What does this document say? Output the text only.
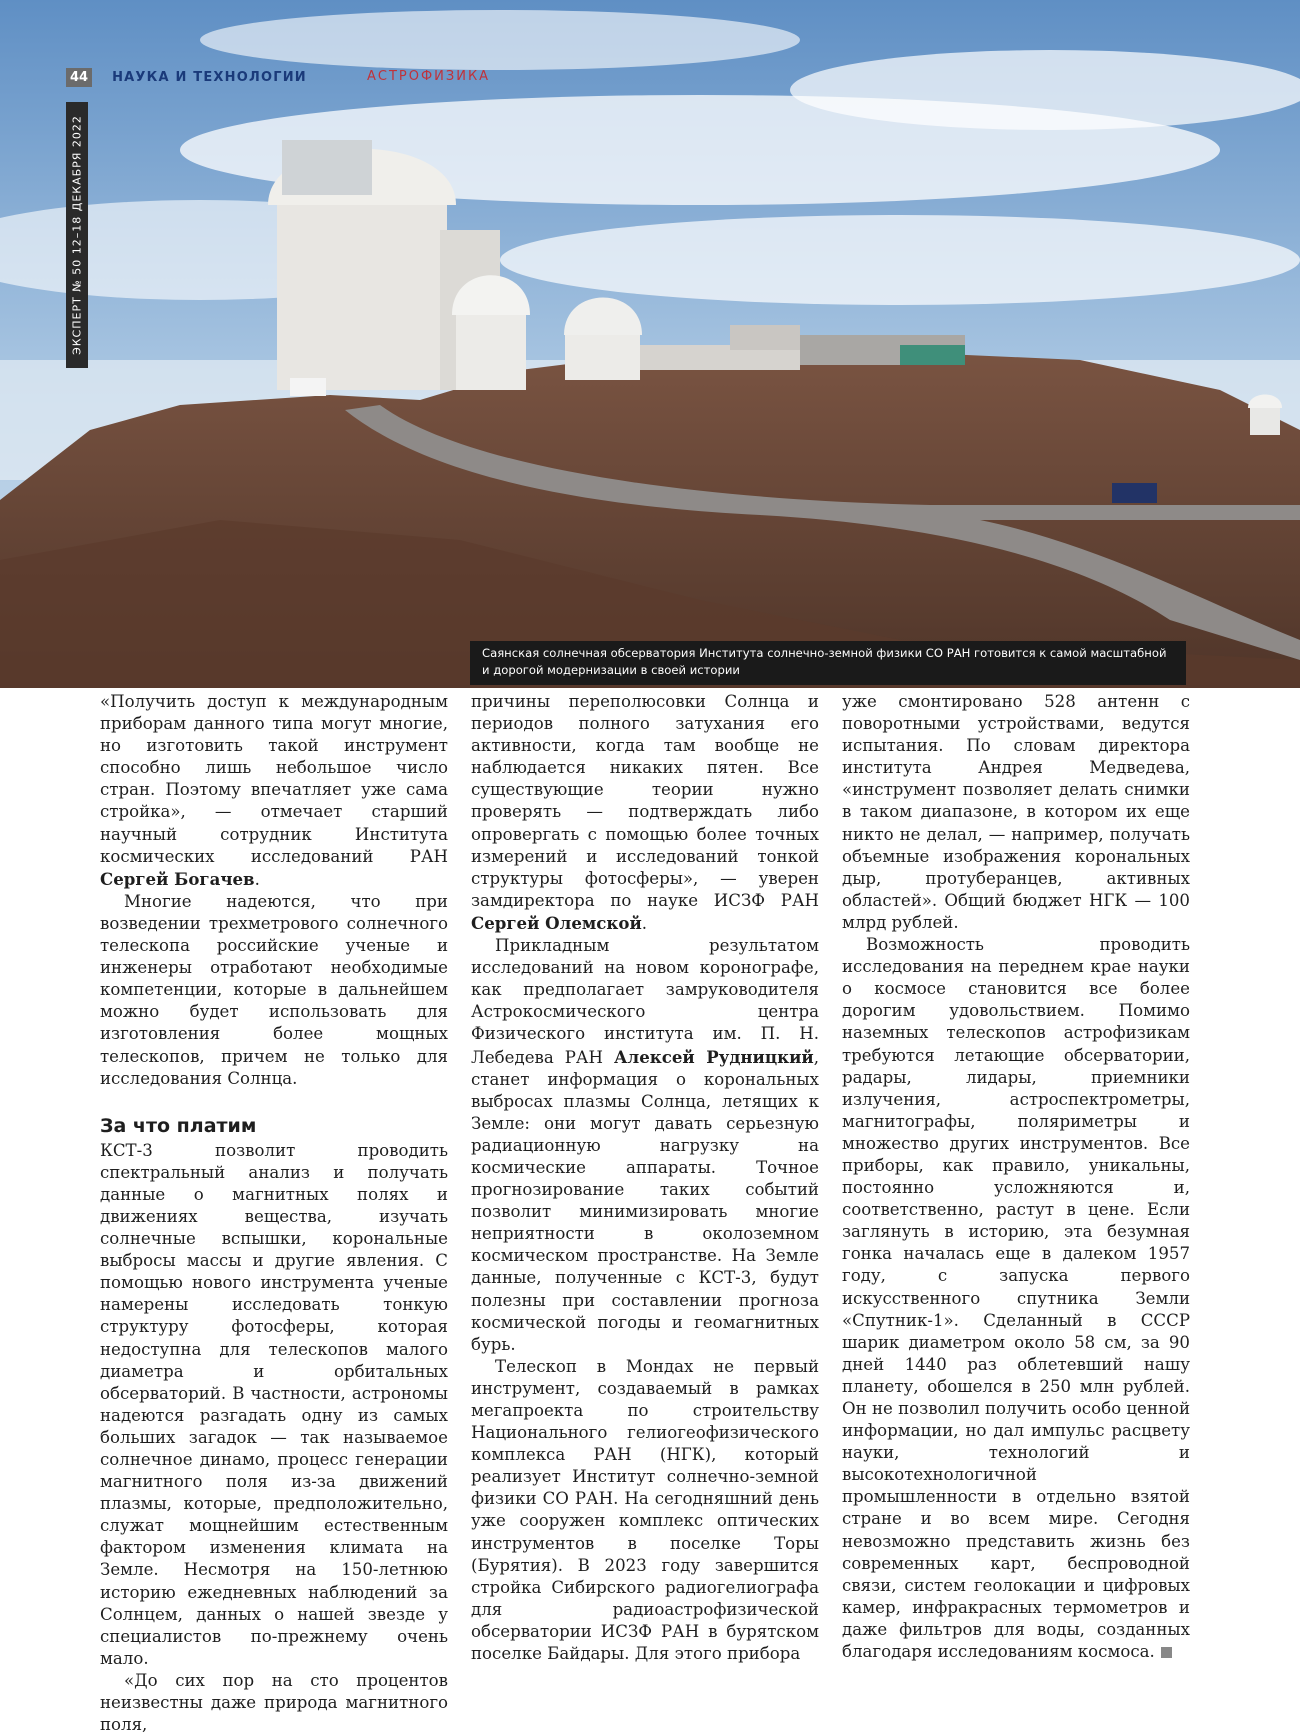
44	НАУКА И ТЕХНОЛОГИИ	АСТРОФИЗИКА
ЭКСПЕРТ № 50 12–18 ДЕКАБРЯ 2022
Саянская солнечная обсерватория Института солнечно-земной физики СО РАН готовится к самой масштабной и дорогой модернизации в своей истории

«Получить доступ к международным приборам данного типа могут многие, но изготовить такой инструмент способно лишь небольшое число стран. Поэтому впечатляет уже сама стройка», — отмечает старший научный сотрудник Института космических исследований РАН Сергей Богачев.

Многие надеются, что при возведении трехметрового солнечного телескопа российские ученые и инженеры отработают необходимые компетенции, которые в дальнейшем можно будет использовать для изготовления более мощных телескопов, причем не только для исследования Солнца.

За что платим

КСТ-3 позволит проводить спектральный анализ и получать данные о магнитных полях и движениях вещества, изучать солнечные вспышки, корональные выбросы массы и другие явления. С помощью нового инструмента ученые намерены исследовать тонкую структуру фотосферы, которая недоступна для телескопов малого диаметра и орбитальных обсерваторий. В частности, астрономы надеются разгадать одну из самых больших загадок — так называемое солнечное динамо, процесс генерации магнитного поля из-за движений плазмы, которые, предположительно, служат мощнейшим естественным фактором изменения климата на Земле. Несмотря на 150-летнюю историю ежедневных наблюдений за Солнцем, данных о нашей звезде у специалистов по-прежнему очень мало.

«До сих пор на сто процентов неизвестны даже природа магнитного поля,

причины переполюсовки Солнца и периодов полного затухания его активности, когда там вообще не наблюдается никаких пятен. Все существующие теории нужно проверять — подтверждать либо опровергать с помощью более точных измерений и исследований тонкой структуры фотосферы», — уверен замдиректора по науке ИСЗФ РАН Сергей Олемской.

Прикладным результатом исследований на новом коронографе, как предполагает замруководителя Астрокосмического центра Физического института им. П. Н. Лебедева РАН Алексей Рудницкий, станет информация о корональных выбросах плазмы Солнца, летящих к Земле: они могут давать серьезную радиационную нагрузку на космические аппараты. Точное прогнозирование таких событий позволит минимизировать многие неприятности в околоземном космическом пространстве. На Земле данные, полученные с КСТ-3, будут полезны при составлении прогноза космической погоды и геомагнитных бурь.

Телескоп в Мондах не первый инструмент, создаваемый в рамках мегапроекта по строительству Национального гелиогеофизического комплекса РАН (НГК), который реализует Институт солнечно-земной физики СО РАН. На сегодняшний день уже сооружен комплекс оптических инструментов в поселке Торы (Бурятия). В 2023 году завершится стройка Сибирского радиогелиографа для радиоастрофизической обсерватории ИСЗФ РАН в бурятском поселке Байдары. Для этого прибора

уже смонтировано 528 антенн с поворотными устройствами, ведутся испытания. По словам директора института Андрея Медведева, «инструмент позволяет делать снимки в таком диапазоне, в котором их еще никто не делал, — например, получать объемные изображения корональных дыр, протуберанцев, активных областей». Общий бюджет НГК — 100 млрд рублей.

Возможность проводить исследования на переднем крае науки о космосе становится все более дорогим удовольствием. Помимо наземных телескопов астрофизикам требуются летающие обсерватории, радары, лидары, приемники излучения, астроспектрометры, магнитографы, поляриметры и множество других инструментов. Все приборы, как правило, уникальны, постоянно усложняются и, соответственно, растут в цене. Если заглянуть в историю, эта безумная гонка началась еще в далеком 1957 году, с запуска первого искусственного спутника Земли «Спутник-1». Сделанный в СССР шарик диаметром около 58 см, за 90 дней 1440 раз облетевший нашу планету, обошелся в 250 млн рублей. Он не позволил получить особо ценной информации, но дал импульс расцвету науки, технологий и высокотехнологичной промышленности в отдельно взятой стране и во всем мире. Сегодня невозможно представить жизнь без современных карт, беспроводной связи, систем геолокации и цифровых камер, инфракрасных термометров и даже фильтров для воды, созданных благодаря исследованиям космоса.
